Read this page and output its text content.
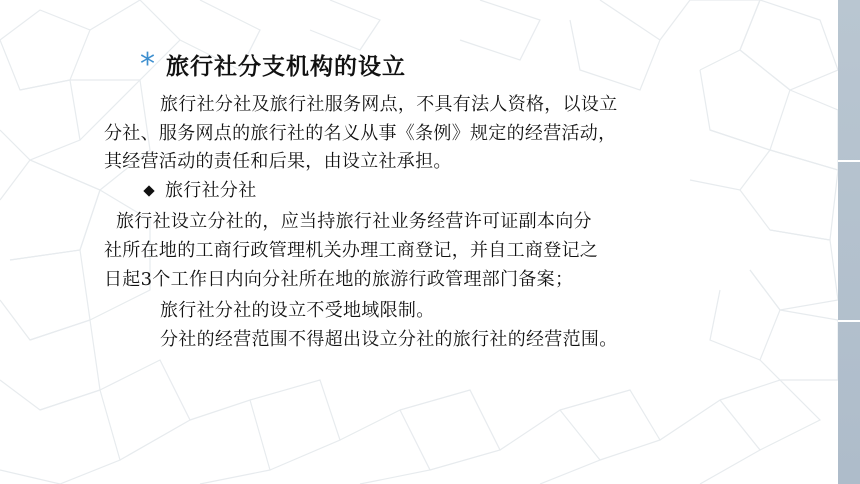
* 旅行社分支机构的设立
旅行社分社及旅行社服务网点，不具有法人资格，以设立
分社、服务网点的旅行社的名义从事《条例》规定的经营活动，
其经营活动的责任和后果，由设立社承担。
旅行社分社
旅行社设立分社的，应当持旅行社业务经营许可证副本向分
社所在地的工商行政管理机关办理工商登记，并自工商登记之
日起3个工作日内向分社所在地的旅游行政管理部门备案；
旅行社分社的设立不受地域限制。
分社的经营范围不得超出设立分社的旅行社的经营范围。
